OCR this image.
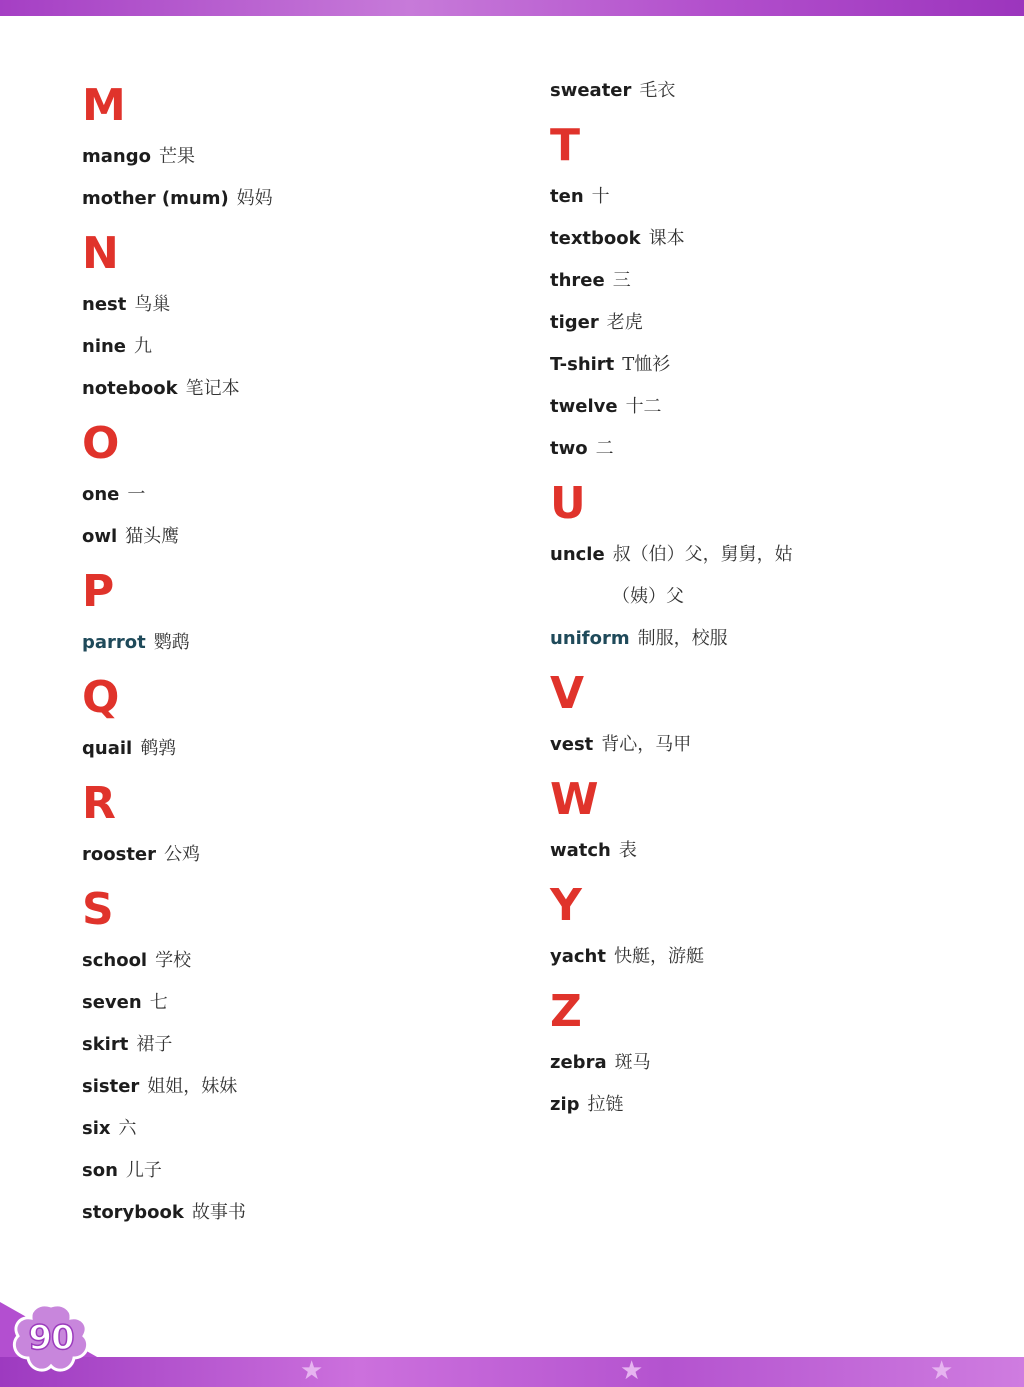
M
mango 芒果
mother (mum) 妈妈
N
nest 鸟巢
nine 九
notebook 笔记本
O
one 一
owl 猫头鹰
P
parrot 鹦鹉
Q
quail 鹌鹑
R
rooster 公鸡
S
school 学校
seven 七
skirt 裙子
sister 姐姐，妹妹
six 六
son 儿子
storybook 故事书
sweater 毛衣
T
ten 十
textbook 课本
three 三
tiger 老虎
T-shirt T恤衫
twelve 十二
two 二
U
uncle 叔（伯）父，舅舅，姑
（姨）父
uniform 制服，校服
V
vest 背心，马甲
W
watch 表
Y
yacht 快艇，游艇
Z
zebra 斑马
zip 拉链
★	★	★
90
